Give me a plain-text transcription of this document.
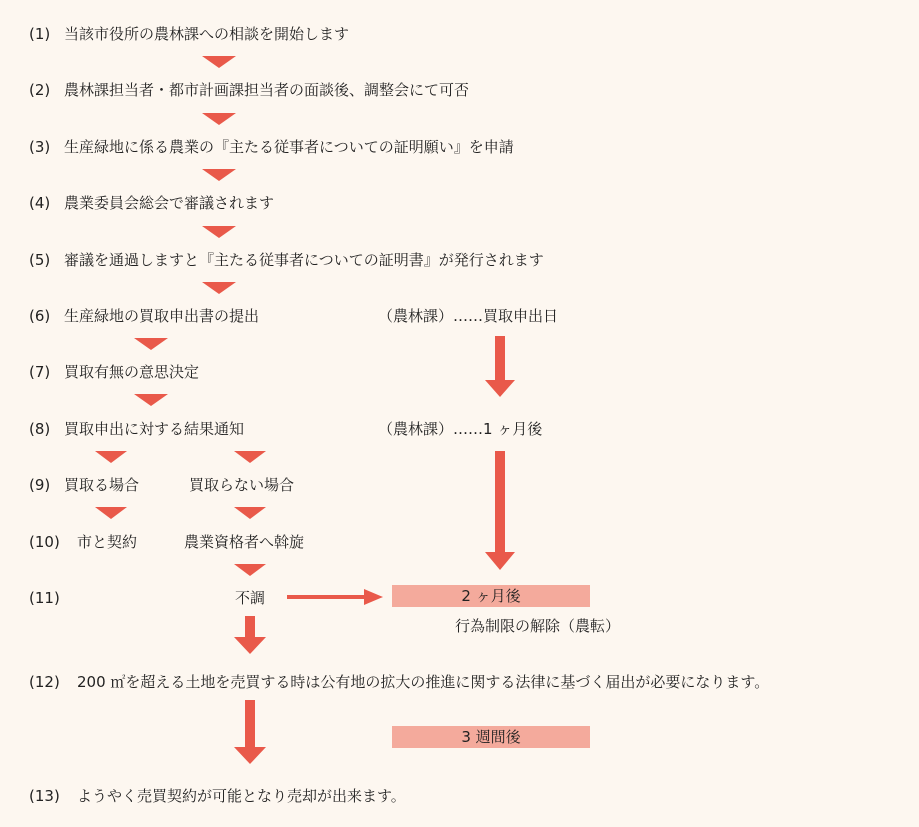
(1) 当該市役所の農林課への相談を開始します
(2) 農林課担当者・都市計画課担当者の面談後、調整会にて可否
(3) 生産緑地に係る農業の『主たる従事者についての証明願い』を申請
(4) 農業委員会総会で審議されます
(5) 審議を通過しますと『主たる従事者についての証明書』が発行されます
(6) 生産緑地の買取申出書の提出	（農林課）……買取申出日
(7) 買取有無の意思決定
(8) 買取申出に対する結果通知	（農林課）……1 ヶ月後
(9) 買取る場合	買取らない場合
(10) 市と契約	農業資格者へ斡旋
(11)	不調	2 ヶ月後
行為制限の解除（農転）
(12) 200 ㎡を超える土地を売買する時は公有地の拡大の推進に関する法律に基づく届出が必要になります。
3 週間後
(13) ようやく売買契約が可能となり売却が出来ます。
